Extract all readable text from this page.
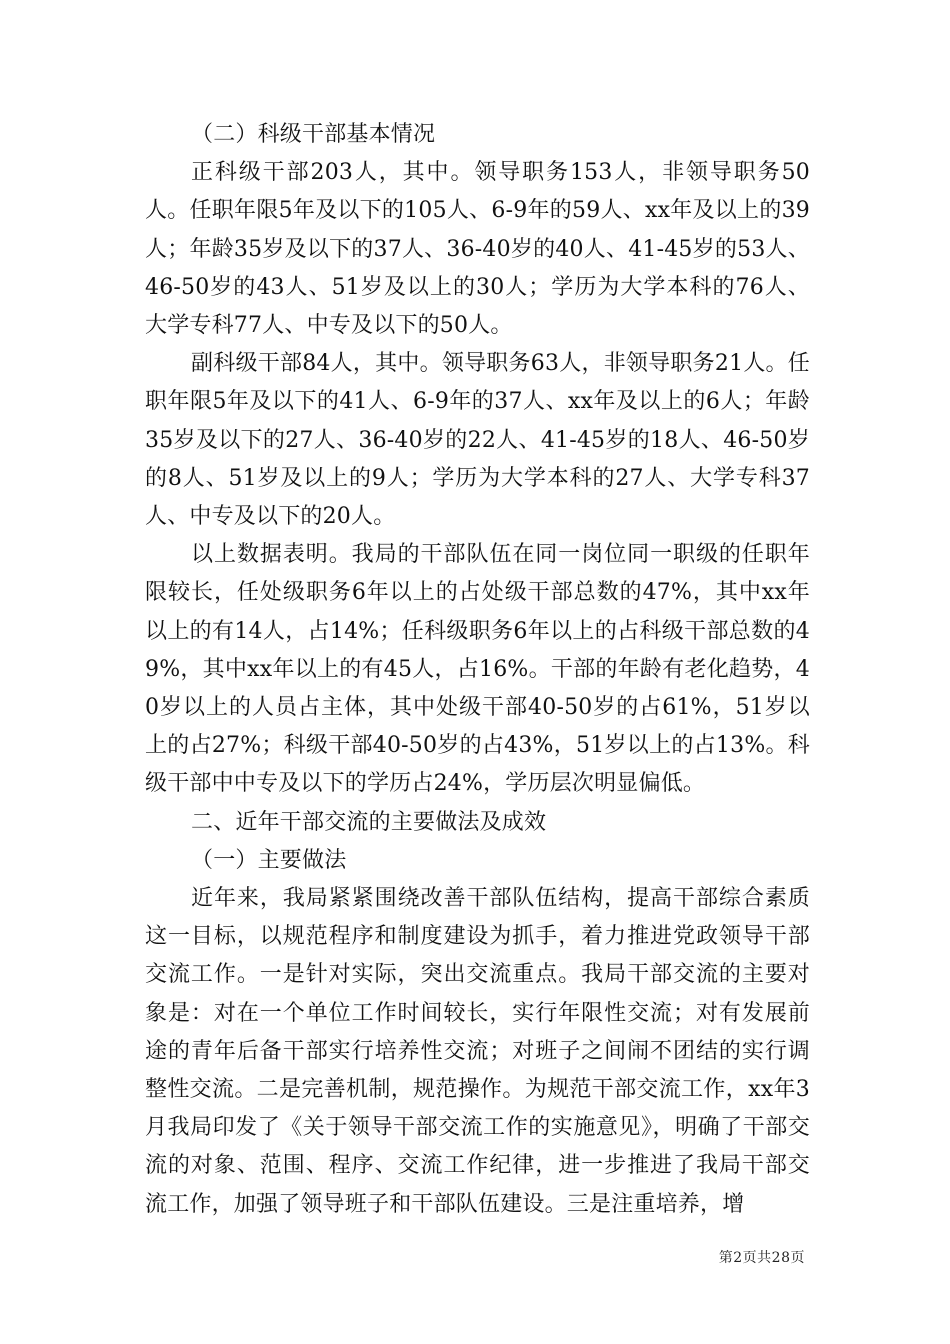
（二）科级干部基本情况

正科级干部203人，其中。领导职务153人，非领导职务50人。任职年限5年及以下的105人、6-9年的59人、xx年及以上的39人；年龄35岁及以下的37人、36-40岁的40人、41-45岁的53人、46-50岁的43人、51岁及以上的30人；学历为大学本科的76人、大学专科77人、中专及以下的50人。

副科级干部84人，其中。领导职务63人，非领导职务21人。任职年限5年及以下的41人、6-9年的37人、xx年及以上的6人；年龄35岁及以下的27人、36-40岁的22人、41-45岁的18人、46-50岁的8人、51岁及以上的9人；学历为大学本科的27人、大学专科37人、中专及以下的20人。

以上数据表明。我局的干部队伍在同一岗位同一职级的任职年限较长，任处级职务6年以上的占处级干部总数的47%，其中xx年以上的有14人，占14%；任科级职务6年以上的占科级干部总数的49%，其中xx年以上的有45人，占16%。干部的年龄有老化趋势，40岁以上的人员占主体，其中处级干部40-50岁的占61%，51岁以上的占27%；科级干部40-50岁的占43%，51岁以上的占13%。科级干部中中专及以下的学历占24%，学历层次明显偏低。

二、近年干部交流的主要做法及成效

（一）主要做法

近年来，我局紧紧围绕改善干部队伍结构，提高干部综合素质这一目标，以规范程序和制度建设为抓手，着力推进党政领导干部交流工作。一是针对实际，突出交流重点。我局干部交流的主要对象是：对在一个单位工作时间较长，实行年限性交流；对有发展前途的青年后备干部实行培养性交流；对班子之间闹不团结的实行调整性交流。二是完善机制，规范操作。为规范干部交流工作，xx年3月我局印发了《关于领导干部交流工作的实施意见》，明确了干部交流的对象、范围、程序、交流工作纪律，进一步推进了我局干部交流工作，加强了领导班子和干部队伍建设。三是注重培养，增

第2页共28页
